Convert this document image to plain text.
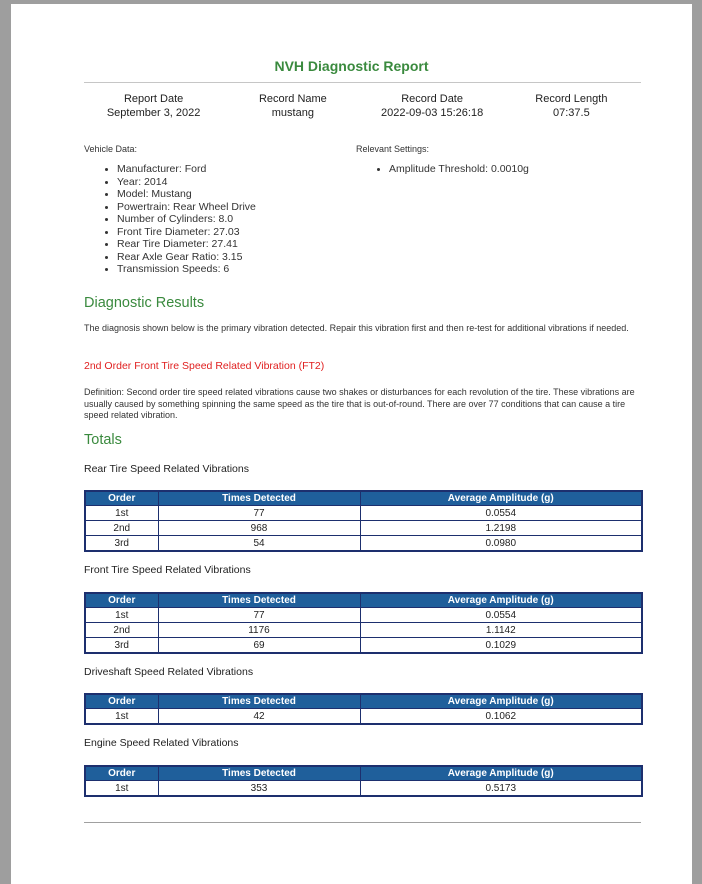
NVH Diagnostic Report
Report Date
September 3, 2022
Record Name
mustang
Record Date
2022-09-03 15:26:18
Record Length
07:37.5
Vehicle Data:
• Manufacturer: Ford
• Year: 2014
• Model: Mustang
• Powertrain: Rear Wheel Drive
• Number of Cylinders: 8.0
• Front Tire Diameter: 27.03
• Rear Tire Diameter: 27.41
• Rear Axle Gear Ratio: 3.15
• Transmission Speeds: 6
Relevant Settings:
• Amplitude Threshold: 0.0010g
Diagnostic Results

The diagnosis shown below is the primary vibration detected. Repair this vibration first and then re-test for additional vibrations if needed.

2nd Order Front Tire Speed Related Vibration (FT2)

Definition: Second order tire speed related vibrations cause two shakes or disturbances for each revolution of the tire. These vibrations are usually caused by something spinning the same speed as the tire that is out-of-round. There are over 77 conditions that can cause a tire speed related vibration.

Totals
Rear Tire Speed Related Vibrations
Order	Times Detected	Average Amplitude (g)
1st	77	0.0554
2nd	968	1.2198
3rd	54	0.0980
Front Tire Speed Related Vibrations
Order	Times Detected	Average Amplitude (g)
1st	77	0.0554
2nd	1176	1.1142
3rd	69	0.1029
Driveshaft Speed Related Vibrations
Order	Times Detected	Average Amplitude (g)
1st	42	0.1062
Engine Speed Related Vibrations
Order	Times Detected	Average Amplitude (g)
1st	353	0.5173
